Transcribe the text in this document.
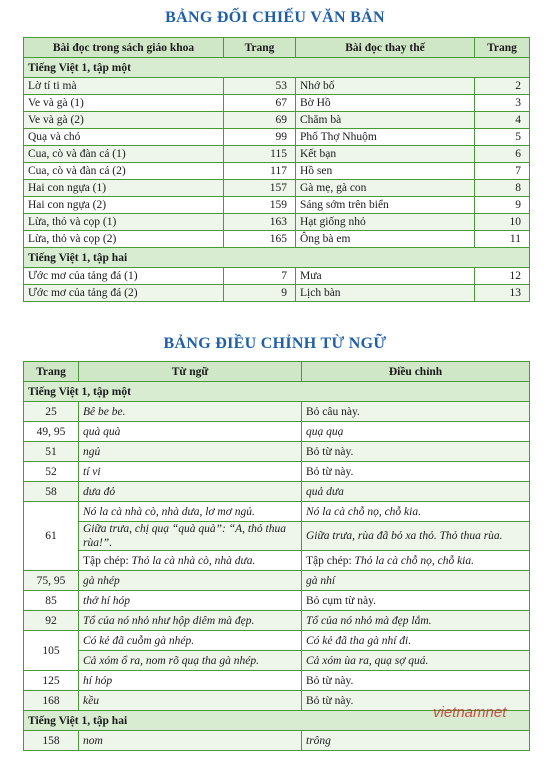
BẢNG ĐỐI CHIẾU VĂN BẢN
Bài đọc trong sách giáo khoa	Trang	Bài đọc thay thế	Trang
Tiếng Việt 1, tập một			
Lờ tí ti mà	53	Nhớ bố	2
Ve và gà (1)	67	Bờ Hồ	3
Ve và gà (2)	69	Chăm bà	4
Quạ và chó	99	Phố Thợ Nhuộm	5
Cua, cò và đàn cá (1)	115	Kết bạn	6
Cua, cò và đàn cá (2)	117	Hồ sen	7
Hai con ngựa (1)	157	Gà mẹ, gà con	8
Hai con ngựa (2)	159	Sáng sớm trên biển	9
Lừa, thỏ và cọp (1)	163	Hạt giống nhỏ	10
Lừa, thỏ và cọp (2)	165	Ông bà em	11
Tiếng Việt 1, tập hai			
Ước mơ của tảng đá (1)	7	Mưa	12
Ước mơ của tảng đá (2)	9	Lịch bàn	13
BẢNG ĐIỀU CHỈNH TỪ NGỮ
Trang	Từ ngữ	Điều chỉnh
Tiếng Việt 1, tập một		
25	Bê be be.	Bỏ câu này.
49, 95	quà quà	quạ quạ
51	ngủ	Bỏ từ này.
52	tí vi	Bỏ từ này.
58	dưa đỏ	quả dưa
61	Nó la cà nhà cò, nhà dưa, lơ mơ ngủ.	Nó la cà chỗ nọ, chỗ kia.
	Giữa trưa, chị quạ “quà quà”: “A, thỏ thua rùa!”.	Giữa trưa, rùa đã bỏ xa thỏ. Thỏ thua rùa.
	Tập chép: Thỏ la cà nhà cò, nhà dưa.	Tập chép: Thỏ la cà chỗ nọ, chỗ kia.
75, 95	gà nhép	gà nhí
85	thở hí hóp	Bỏ cụm từ này.
92	Tổ của nó nhỏ như hộp diêm mà đẹp.	Tổ của nó nhỏ mà đẹp lắm.
105	Có kẻ đã cuỗm gà nhép.	Có kẻ đã tha gà nhí đi.
	Cả xóm ổ ra, nom rõ quạ tha gà nhép.	Cả xóm ùa ra, quạ sợ quá.
125	hí hóp	Bỏ từ này.
168	kều	Bỏ từ này.
Tiếng Việt 1, tập hai		
158	nom	trông
vietnamnet
